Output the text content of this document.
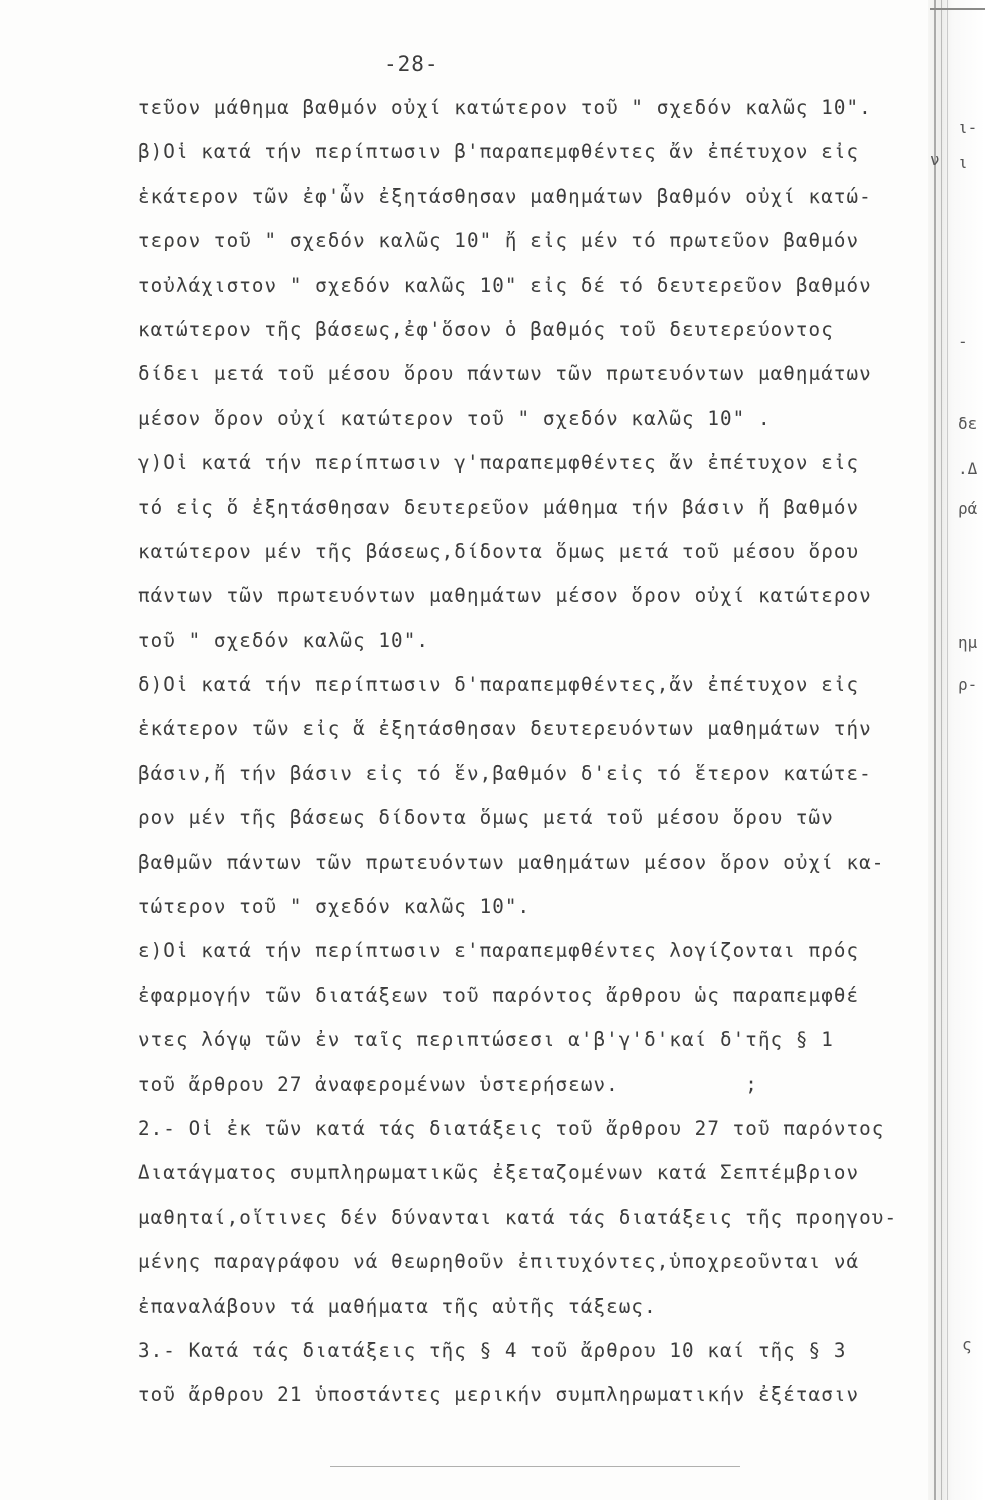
-28-
τεῦον μάθημα βαθμόν οὐχί κατώτερον τοῦ " σχεδόν καλῶς 10".
β)Οἱ κατά τήν περίπτωσιν β'παραπεμφθέντες ἄν ἐπέτυχον εἰς
ἑκάτερον τῶν ἐφ'ὧν ἐξητάσθησαν μαθημάτων βαθμόν οὐχί κατώ-
τερον τοῦ " σχεδόν καλῶς 10" ἤ εἰς μέν τό πρωτεῦον βαθμόν
τοὐλάχιστον " σχεδόν καλῶς 10" εἰς δέ τό δευτερεῦον βαθμόν
κατώτερον τῆς βάσεως,ἐφ'ὅσον ὁ βαθμός τοῦ δευτερεύοντος
δίδει μετά τοῦ μέσου ὅρου πάντων τῶν πρωτευόντων μαθημάτων
μέσον ὅρον οὐχί κατώτερον τοῦ " σχεδόν καλῶς 10" .
γ)Οἱ κατά τήν περίπτωσιν γ'παραπεμφθέντες ἄν ἐπέτυχον εἰς
τό εἰς ὅ ἐξητάσθησαν δευτερεῦον μάθημα τήν βάσιν ἤ βαθμόν
κατώτερον μέν τῆς βάσεως,δίδοντα ὅμως μετά τοῦ μέσου ὅρου
πάντων τῶν πρωτευόντων μαθημάτων μέσον ὅρον οὐχί κατώτερον
τοῦ " σχεδόν καλῶς 10".
δ)Οἱ κατά τήν περίπτωσιν δ'παραπεμφθέντες,ἄν ἐπέτυχον εἰς
ἑκάτερον τῶν εἰς ἅ ἐξητάσθησαν δευτερευόντων μαθημάτων τήν
βάσιν,ἤ τήν βάσιν εἰς τό ἕν,βαθμόν δ'εἰς τό ἕτερον κατώτε-
ρον μέν τῆς βάσεως δίδοντα ὅμως μετά τοῦ μέσου ὅρου τῶν
βαθμῶν πάντων τῶν πρωτευόντων μαθημάτων μέσον ὅρον οὐχί κα-
τώτερον τοῦ " σχεδόν καλῶς 10".
ε)Οἱ κατά τήν περίπτωσιν ε'παραπεμφθέντες λογίζονται πρός
ἐφαρμογήν τῶν διατάξεων τοῦ παρόντος ἄρθρου ὡς παραπεμφθέ
ντες λόγῳ τῶν ἐν ταῖς περιπτώσεσι α'β'γ'δ'καί δ'τῆς § 1
τοῦ ἄρθρου 27 ἀναφερομένων ὑστερήσεων.          ;
2.- Οἱ ἐκ τῶν κατά τάς διατάξεις τοῦ ἄρθρου 27 τοῦ παρόντος
Διατάγματος συμπληρωματικῶς ἐξεταζομένων κατά Σεπτέμβριον
μαθηταί,οἵτινες δέν δύνανται κατά τάς διατάξεις τῆς προηγου-
μένης παραγράφου νά θεωρηθοῦν ἐπιτυχόντες,ὑποχρεοῦνται νά
ἐπαναλάβουν τά μαθήματα τῆς αὐτῆς τάξεως.
3.- Κατά τάς διατάξεις τῆς § 4 τοῦ ἄρθρου 10 καί τῆς § 3
τοῦ ἄρθρου 21 ὑποστάντες μερικήν συμπληρωματικήν ἐξέτασιν
ι-
ν ι
-
δε
.Δ
ρά
ημ
ρ-
ς
